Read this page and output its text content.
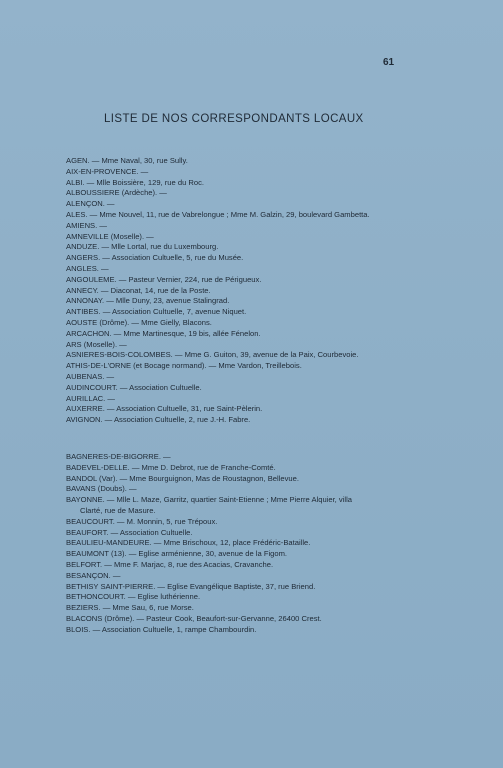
61
LISTE DE NOS CORRESPONDANTS LOCAUX

AGEN. — Mme Naval, 30, rue Sully.

AIX-EN-PROVENCE. —

ALBI. — Mlle Boissière, 129, rue du Roc.

ALBOUSSIERE (Ardèche). —

ALENÇON. —

ALES. — Mme Nouvel, 11, rue de Vabrelongue ; Mme M. Galzin, 29, boulevard Gambetta.

AMIENS. —

AMNEVILLE (Moselle). —

ANDUZE. — Mlle Lortal, rue du Luxembourg.

ANGERS. — Association Cultuelle, 5, rue du Musée.

ANGLES. —

ANGOULEME. — Pasteur Vernier, 224, rue de Périgueux.

ANNECY. — Diaconat, 14, rue de la Poste.

ANNONAY. — Mlle Duny, 23, avenue Stalingrad.

ANTIBES. — Association Cultuelle, 7, avenue Niquet.

AOUSTE (Drôme). — Mme Gielly, Blacons.

ARCACHON. — Mme Martinesque, 19 bis, allée Fénelon.

ARS (Moselle). —

ASNIERES-BOIS-COLOMBES. — Mme G. Guiton, 39, avenue de la Paix, Courbevoie.

ATHIS-DE-L'ORNE (et Bocage normand). — Mme Vardon, Treillebois.

AUBENAS. —

AUDINCOURT. — Association Cultuelle.

AURILLAC. —

AUXERRE. — Association Cultuelle, 31, rue Saint-Pèlerin.

AVIGNON. — Association Cultuelle, 2, rue J.-H. Fabre.

BAGNERES-DE-BIGORRE. —

BADEVEL-DELLE. — Mme D. Debrot, rue de Franche-Comté.

BANDOL (Var). — Mme Bourguignon, Mas de Roustagnon, Bellevue.

BAVANS (Doubs). —

BAYONNE. — Mlle L. Maze, Garritz, quartier Saint-Etienne ; Mme Pierre Alquier, villa

Clarté, rue de Masure.

BEAUCOURT. — M. Monnin, 5, rue Trépoux.

BEAUFORT. — Association Cultuelle.

BEAULIEU-MANDEURE. — Mme Brischoux, 12, place Frédéric-Bataille.

BEAUMONT (13). — Eglise arménienne, 30, avenue de la Figom.

BELFORT. — Mme F. Marjac, 8, rue des Acacias, Cravanche.

BESANÇON. —

BETHISY SAINT-PIERRE. — Eglise Evangélique Baptiste, 37, rue Briend.

BETHONCOURT. — Eglise luthérienne.

BEZIERS. — Mme Sau, 6, rue Morse.

BLACONS (Drôme). — Pasteur Cook, Beaufort-sur-Gervanne, 26400 Crest.

BLOIS. — Association Cultuelle, 1, rampe Chambourdin.
